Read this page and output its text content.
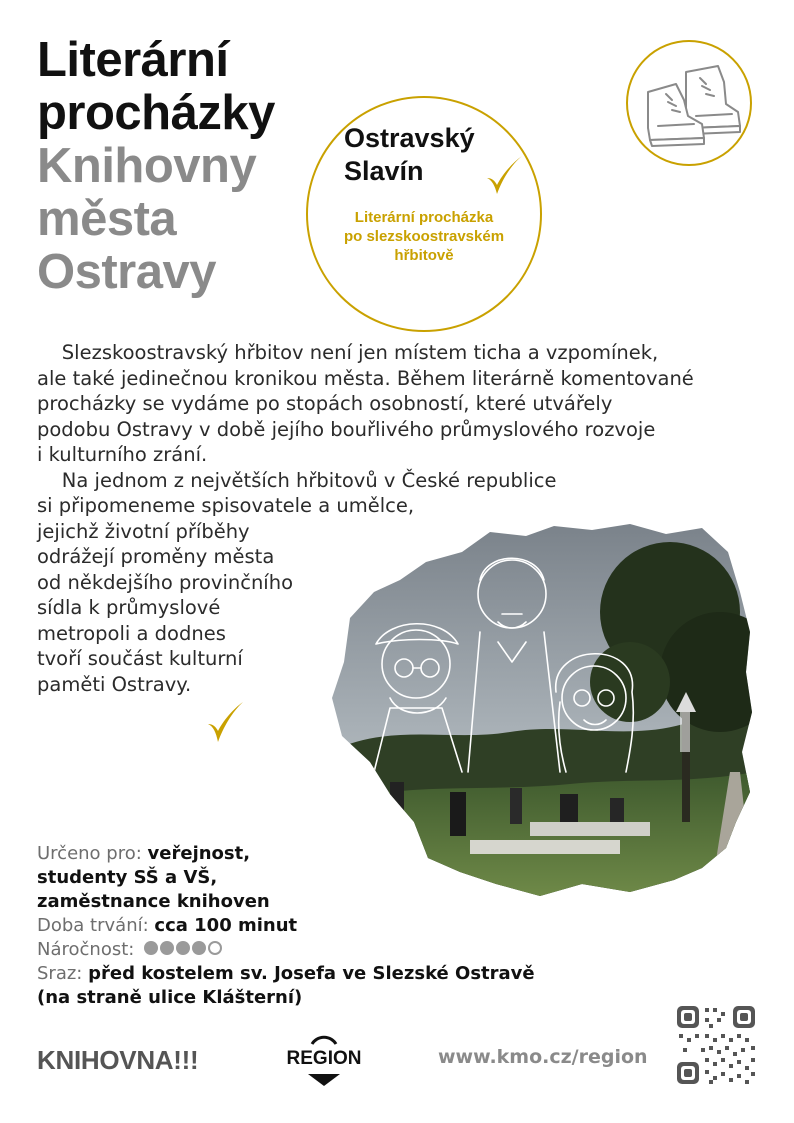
Literární
procházky
Knihovny
města
Ostravy
Ostravský
Slavín
Literární procházka
po slezskoostravském
hřbitově
Slezskoostravský hřbitov není jen místem ticha a vzpomínek,
ale také jedinečnou kronikou města. Během literárně komentované
procházky se vydáme po stopách osobností, které utvářely
podobu Ostravy v době jejího bouřlivého průmyslového rozvoje
i kulturního zrání.
Na jednom z největších hřbitovů v České republice
si připomeneme spisovatele a umělce,
jejichž životní příběhy
odrážejí proměny města
od někdejšího provinčního
sídla k průmyslové
metropoli a dodnes
tvoří součást kulturní
paměti Ostravy.
Určeno pro: veřejnost,
studenty SŠ a VŠ,
zaměstnance knihoven
Doba trvání: cca 100 minut
Náročnost:
Sraz: před kostelem sv. Josefa ve Slezské Ostravě
(na straně ulice Klášterní)
KNIHOVNA!!!	REGION	www.kmo.cz/region
